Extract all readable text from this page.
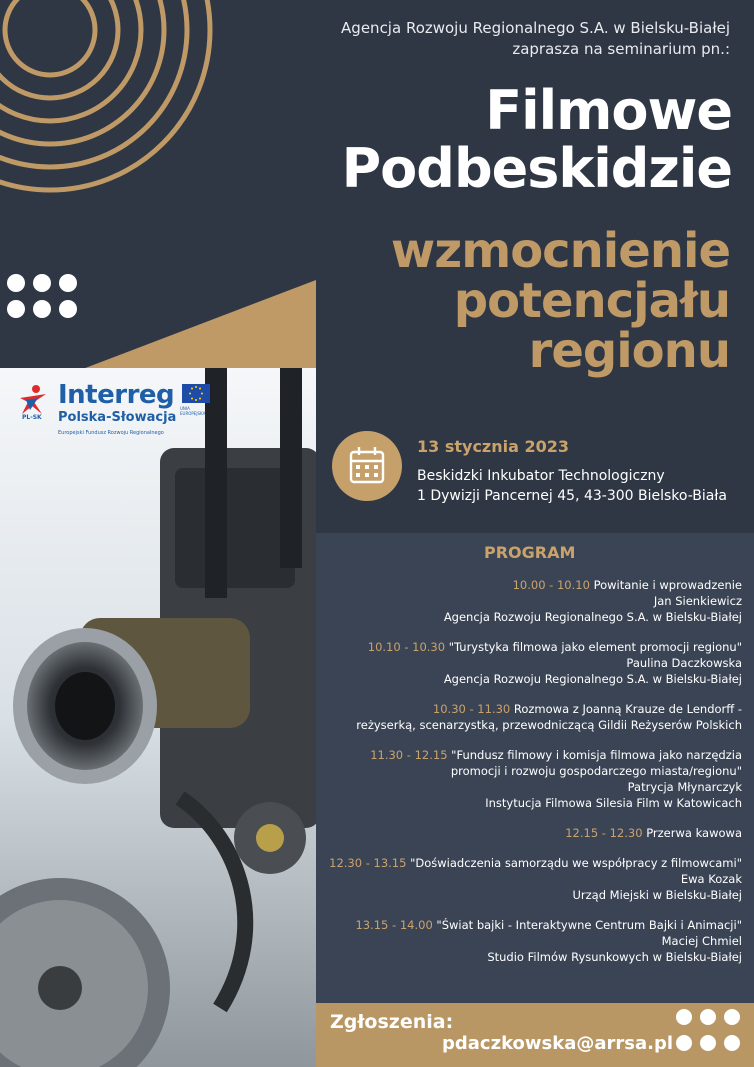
Agencja Rozwoju Regionalnego S.A. w Bielsku-Białej
zaprasza na seminarium pn.:
Filmowe
Podbeskidzie
wzmocnienie
potencjału
regionu
PL-SK
Interreg
Polska-Słowacja
Europejski Fundusz Rozwoju Regionalnego
UNIA EUROPEJSKA
13 stycznia 2023
Beskidzki Inkubator Technologiczny
1 Dywizji Pancernej 45, 43-300 Bielsko-Biała
PROGRAM
10.00 - 10.10 Powitanie i wprowadzenie
Jan Sienkiewicz
Agencja Rozwoju Regionalnego S.A. w Bielsku-Białej
10.10 - 10.30 "Turystyka filmowa jako element promocji regionu"
Paulina Daczkowska
Agencja Rozwoju Regionalnego S.A. w Bielsku-Białej
10.30 - 11.30 Rozmowa z Joanną Krauze de Lendorff -
reżyserką, scenarzystką, przewodniczącą Gildii Reżyserów Polskich
11.30 - 12.15 "Fundusz filmowy i komisja filmowa jako narzędzia
promocji i rozwoju gospodarczego miasta/regionu"
Patrycja Młynarczyk
Instytucja Filmowa Silesia Film w Katowicach
12.15 - 12.30 Przerwa kawowa
12.30 - 13.15 "Doświadczenia samorządu we współpracy z filmowcami"
Ewa Kozak
Urząd Miejski w Bielsku-Białej
13.15 - 14.00 "Świat bajki - Interaktywne Centrum Bajki i Animacji"
Maciej Chmiel
Studio Filmów Rysunkowych w Bielsku-Białej
Zgłoszenia:
pdaczkowska@arrsa.pl
